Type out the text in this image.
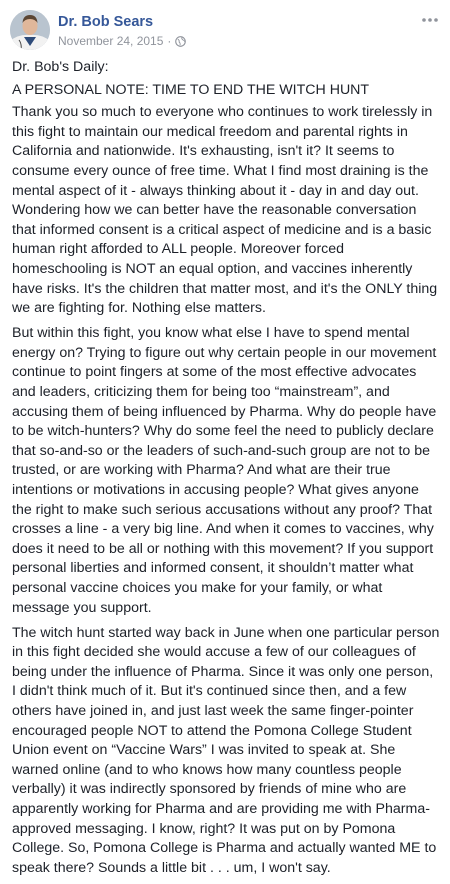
Dr. Bob Sears
November 24, 2015 ·

Dr. Bob's Daily:

A PERSONAL NOTE: TIME TO END THE WITCH HUNT

Thank you so much to everyone who continues to work tirelessly in this fight to maintain our medical freedom and parental rights in California and nationwide. It's exhausting, isn't it? It seems to consume every ounce of free time. What I find most draining is the mental aspect of it - always thinking about it - day in and day out. Wondering how we can better have the reasonable conversation that informed consent is a critical aspect of medicine and is a basic human right afforded to ALL people. Moreover forced homeschooling is NOT an equal option, and vaccines inherently have risks. It's the children that matter most, and it's the ONLY thing we are fighting for. Nothing else matters.

But within this fight, you know what else I have to spend mental energy on? Trying to figure out why certain people in our movement continue to point fingers at some of the most effective advocates and leaders, criticizing them for being too “mainstream”, and accusing them of being influenced by Pharma. Why do people have to be witch-hunters? Why do some feel the need to publicly declare that so-and-so or the leaders of such-and-such group are not to be trusted, or are working with Pharma? And what are their true intentions or motivations in accusing people? What gives anyone the right to make such serious accusations without any proof? That crosses a line - a very big line. And when it comes to vaccines, why does it need to be all or nothing with this movement? If you support personal liberties and informed consent, it shouldn’t matter what personal vaccine choices you make for your family, or what message you support.

The witch hunt started way back in June when one particular person in this fight decided she would accuse a few of our colleagues of being under the influence of Pharma. Since it was only one person, I didn't think much of it. But it's continued since then, and a few others have joined in, and just last week the same finger-pointer encouraged people NOT to attend the Pomona College Student Union event on “Vaccine Wars” I was invited to speak at. She warned online (and to who knows how many countless people verbally) it was indirectly sponsored by friends of mine who are apparently working for Pharma and are providing me with Pharma-approved messaging. I know, right? It was put on by Pomona College. So, Pomona College is Pharma and actually wanted ME to speak there? Sounds a little bit . . . um, I won't say.
